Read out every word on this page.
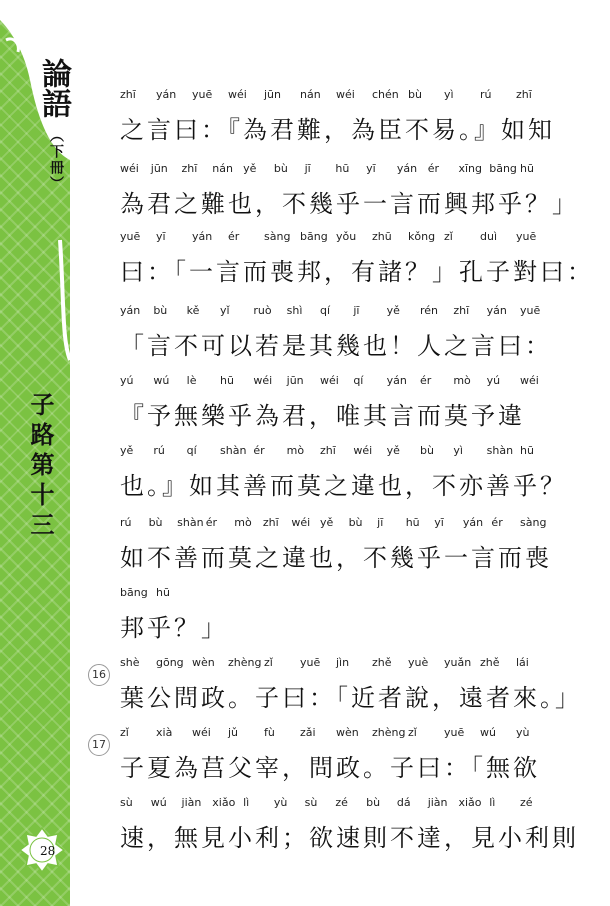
論語
（下冊）
子路第十三
28
zhī yán yuē wéi jūn nán wéi chén bù yì rú zhī
之言曰：『為君難，為臣不易。』如知
wéi jūn zhī nán yě bù jī hū yī yán ér xīng bāng hū
為君之難也，不幾乎一言而興邦乎？」
yuē yī yán ér sàng bāng yǒu zhū kǒng zǐ duì yuē
曰：「一言而喪邦，有諸？」孔子對曰：
yán bù kě yǐ ruò shì qí jī yě rén zhī yán yuē
「言不可以若是其幾也！人之言曰：
yú wú lè hū wéi jūn wéi qí yán ér mò yú wéi
『予無樂乎為君，唯其言而莫予違
yě rú qí shàn ér mò zhī wéi yě bù yì shàn hū
也。』如其善而莫之違也，不亦善乎？
rú bù shàn ér mò zhī wéi yě bù jī hū yī yán ér sàng
如不善而莫之違也，不幾乎一言而喪
bāng hū
邦乎？」
16
shè gōng wèn zhèng zǐ yuē jìn zhě yuè yuǎn zhě lái
葉公問政。子曰：「近者說，遠者來。」
17
zǐ xià wéi jǔ fù zǎi wèn zhèng zǐ yuē wú yù
子夏為莒父宰，問政。子曰：「無欲
sù wú jiàn xiǎo lì yù sù zé bù dá jiàn xiǎo lì zé
速，無見小利；欲速則不達，見小利則
